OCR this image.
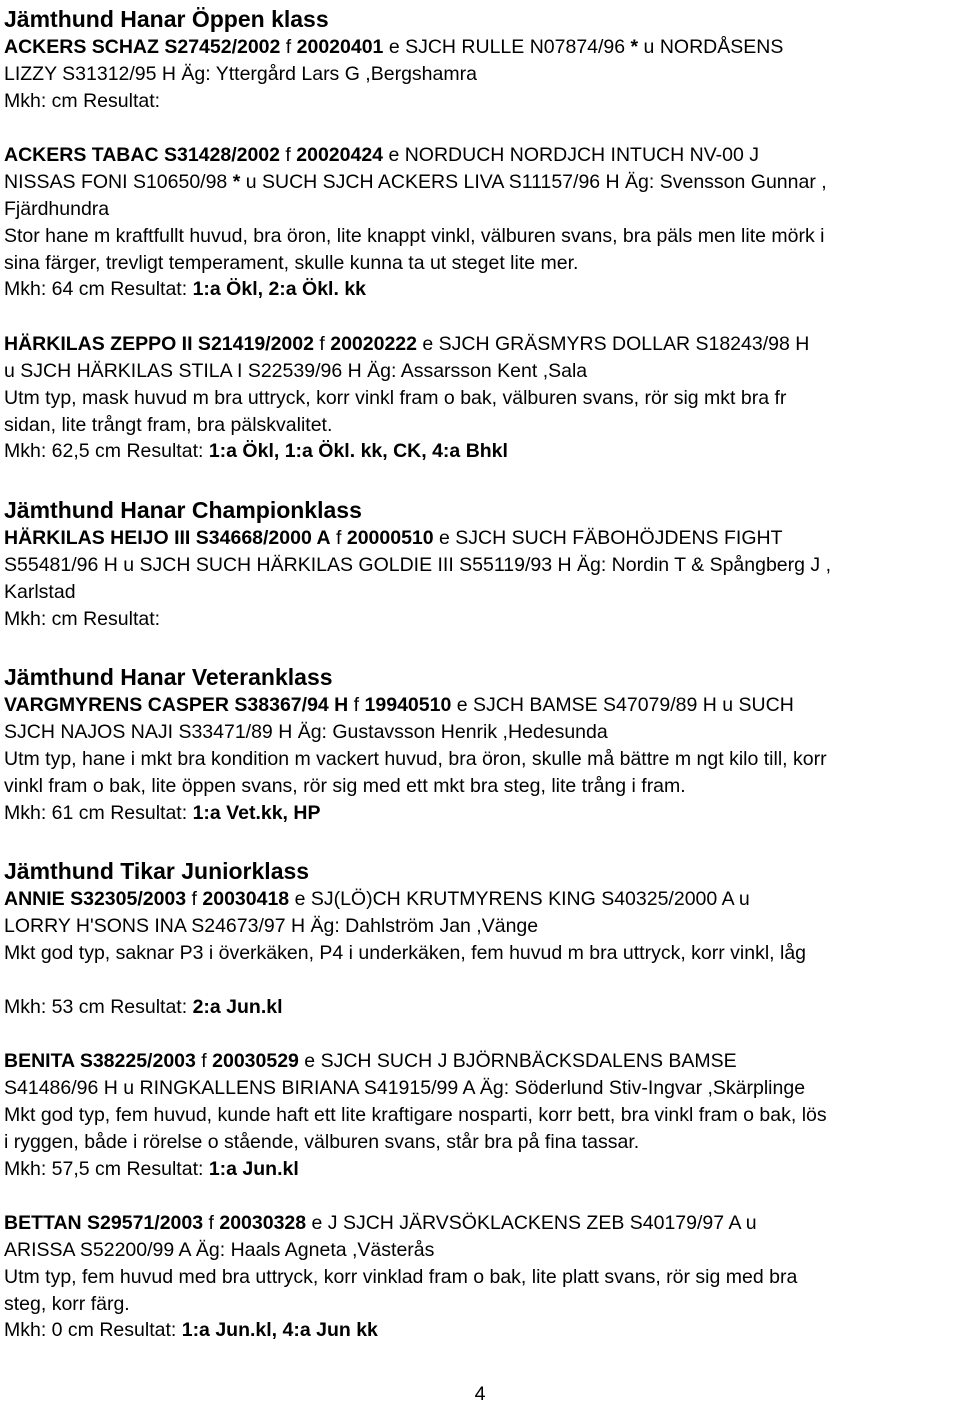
Jämthund Hanar Öppen klass
ACKERS SCHAZ S27452/2002 f 20020401 e SJCH RULLE N07874/96 * u NORDÅSENS
LIZZY S31312/95 H Äg: Yttergård Lars G ,Bergshamra
Mkh: cm Resultat:
ACKERS TABAC S31428/2002 f 20020424 e NORDUCH NORDJCH INTUCH NV-00 J
NISSAS FONI S10650/98 * u SUCH SJCH ACKERS LIVA S11157/96 H Äg: Svensson Gunnar ,
Fjärdhundra
Stor hane m kraftfullt huvud, bra öron, lite knappt vinkl, välburen svans, bra päls men lite mörk i
sina färger, trevligt temperament, skulle kunna ta ut steget lite mer.
Mkh: 64 cm Resultat: 1:a Ökl, 2:a Ökl. kk
HÄRKILAS ZEPPO II S21419/2002 f 20020222 e SJCH GRÄSMYRS DOLLAR S18243/98 H
u SJCH HÄRKILAS STILA I S22539/96 H Äg: Assarsson Kent ,Sala
Utm typ, mask huvud m bra uttryck, korr vinkl fram o bak, välburen svans, rör sig mkt bra fr
sidan, lite trångt fram, bra pälskvalitet.
Mkh: 62,5 cm Resultat: 1:a Ökl, 1:a Ökl. kk, CK, 4:a Bhkl
Jämthund Hanar Championklass
HÄRKILAS HEIJO III S34668/2000 A f 20000510 e SJCH SUCH FÄBOHÖJDENS FIGHT
S55481/96 H u SJCH SUCH HÄRKILAS GOLDIE III S55119/93 H Äg: Nordin T & Spångberg J ,
Karlstad
Mkh: cm Resultat:
Jämthund Hanar Veteranklass
VARGMYRENS CASPER S38367/94 H f 19940510 e SJCH BAMSE S47079/89 H u SUCH
SJCH NAJOS NAJI S33471/89 H Äg: Gustavsson Henrik ,Hedesunda
Utm typ, hane i mkt bra kondition m vackert huvud, bra öron, skulle må bättre m ngt kilo till, korr
vinkl fram o bak, lite öppen svans, rör sig med ett mkt bra steg, lite trång i fram.
Mkh: 61 cm Resultat: 1:a Vet.kk, HP
Jämthund Tikar Juniorklass
ANNIE S32305/2003 f 20030418 e SJ(LÖ)CH KRUTMYRENS KING S40325/2000 A u
LORRY H'SONS INA S24673/97 H Äg: Dahlström Jan ,Vänge
Mkt god typ, saknar P3 i överkäken, P4 i underkäken, fem huvud m bra uttryck, korr vinkl, låg

Mkh: 53 cm Resultat: 2:a Jun.kl
BENITA S38225/2003 f 20030529 e SJCH SUCH J BJÖRNBÄCKSDALENS BAMSE
S41486/96 H u RINGKALLENS BIRIANA S41915/99 A Äg: Söderlund Stiv-Ingvar ,Skärplinge
Mkt god typ, fem huvud, kunde haft ett lite kraftigare nosparti, korr bett, bra vinkl fram o bak, lös
i ryggen, både i rörelse o stående, välburen svans, står bra på fina tassar.
Mkh: 57,5 cm Resultat: 1:a Jun.kl
BETTAN S29571/2003 f 20030328 e J SJCH JÄRVSÖKLACKENS ZEB S40179/97 A u
ARISSA S52200/99 A Äg: Haals Agneta ,Västerås
Utm typ, fem huvud med bra uttryck, korr vinklad fram o bak, lite platt svans, rör sig med bra
steg, korr färg.
Mkh: 0 cm Resultat: 1:a Jun.kl, 4:a Jun kk
4
